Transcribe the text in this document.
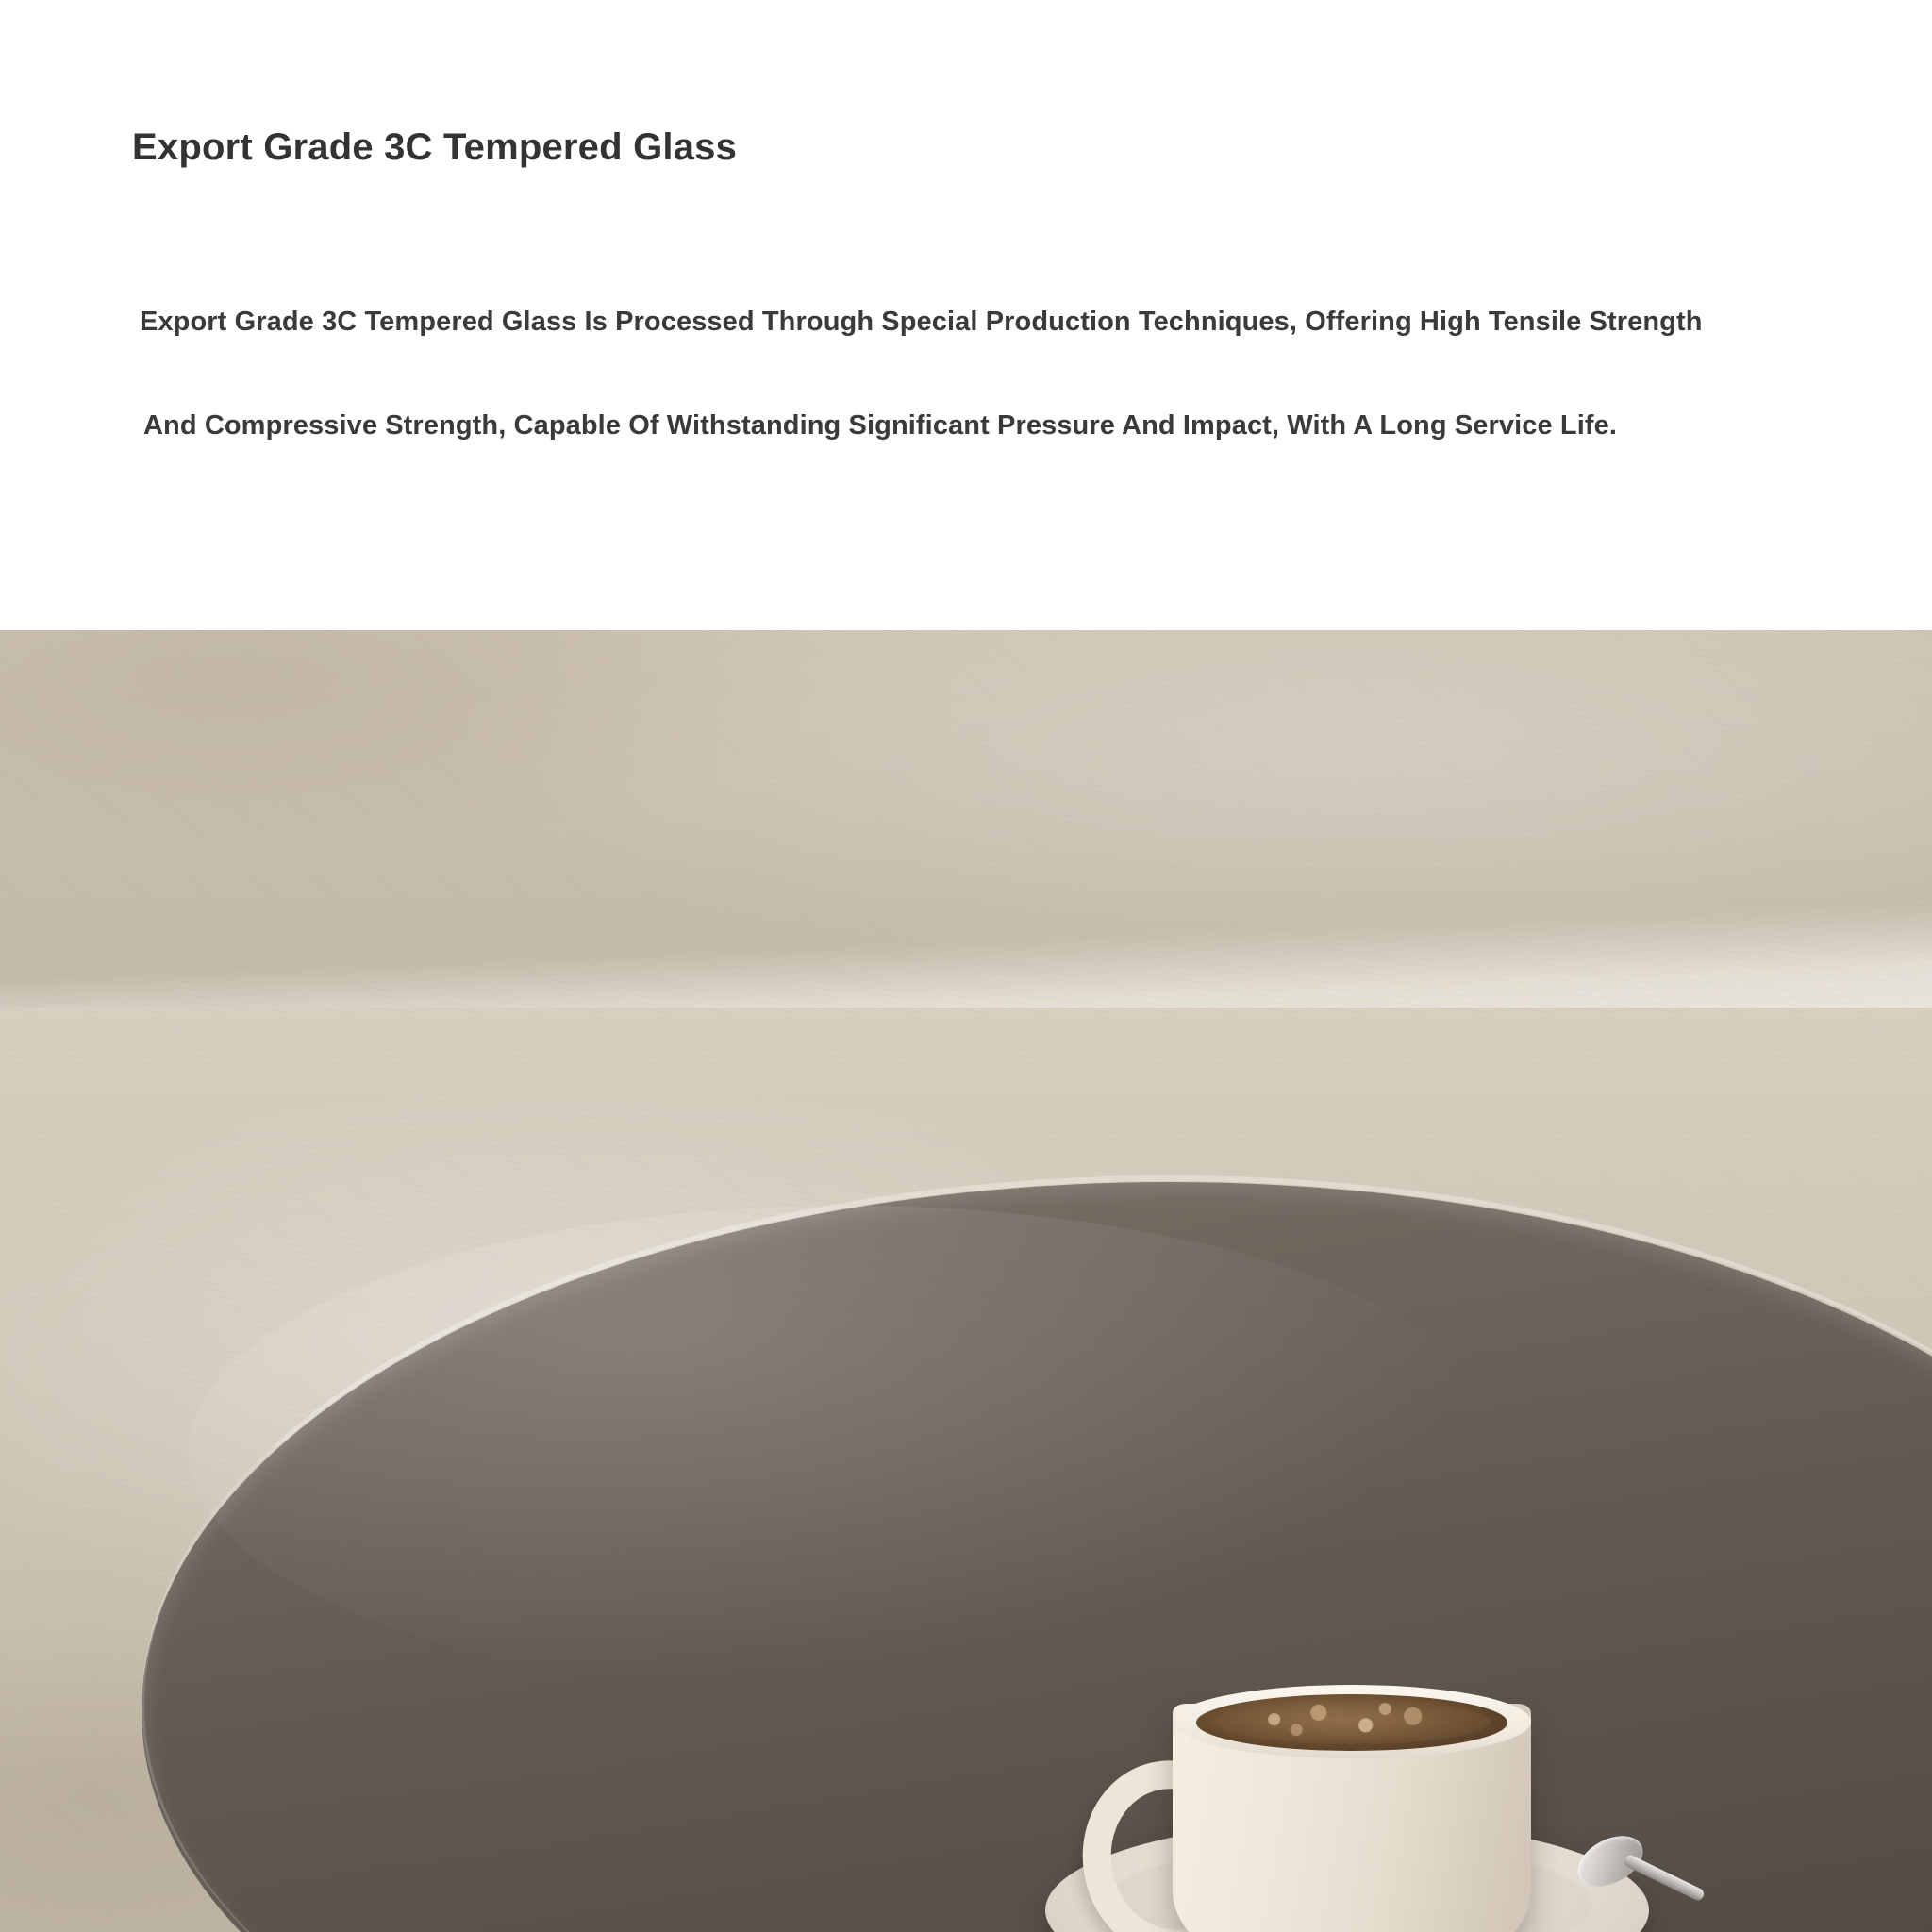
Export Grade 3C Tempered Glass
Export Grade 3C Tempered Glass Is Processed Through Special Production Techniques, Offering High Tensile Strength
And Compressive Strength, Capable Of Withstanding Significant Pressure And Impact, With A Long Service Life.
